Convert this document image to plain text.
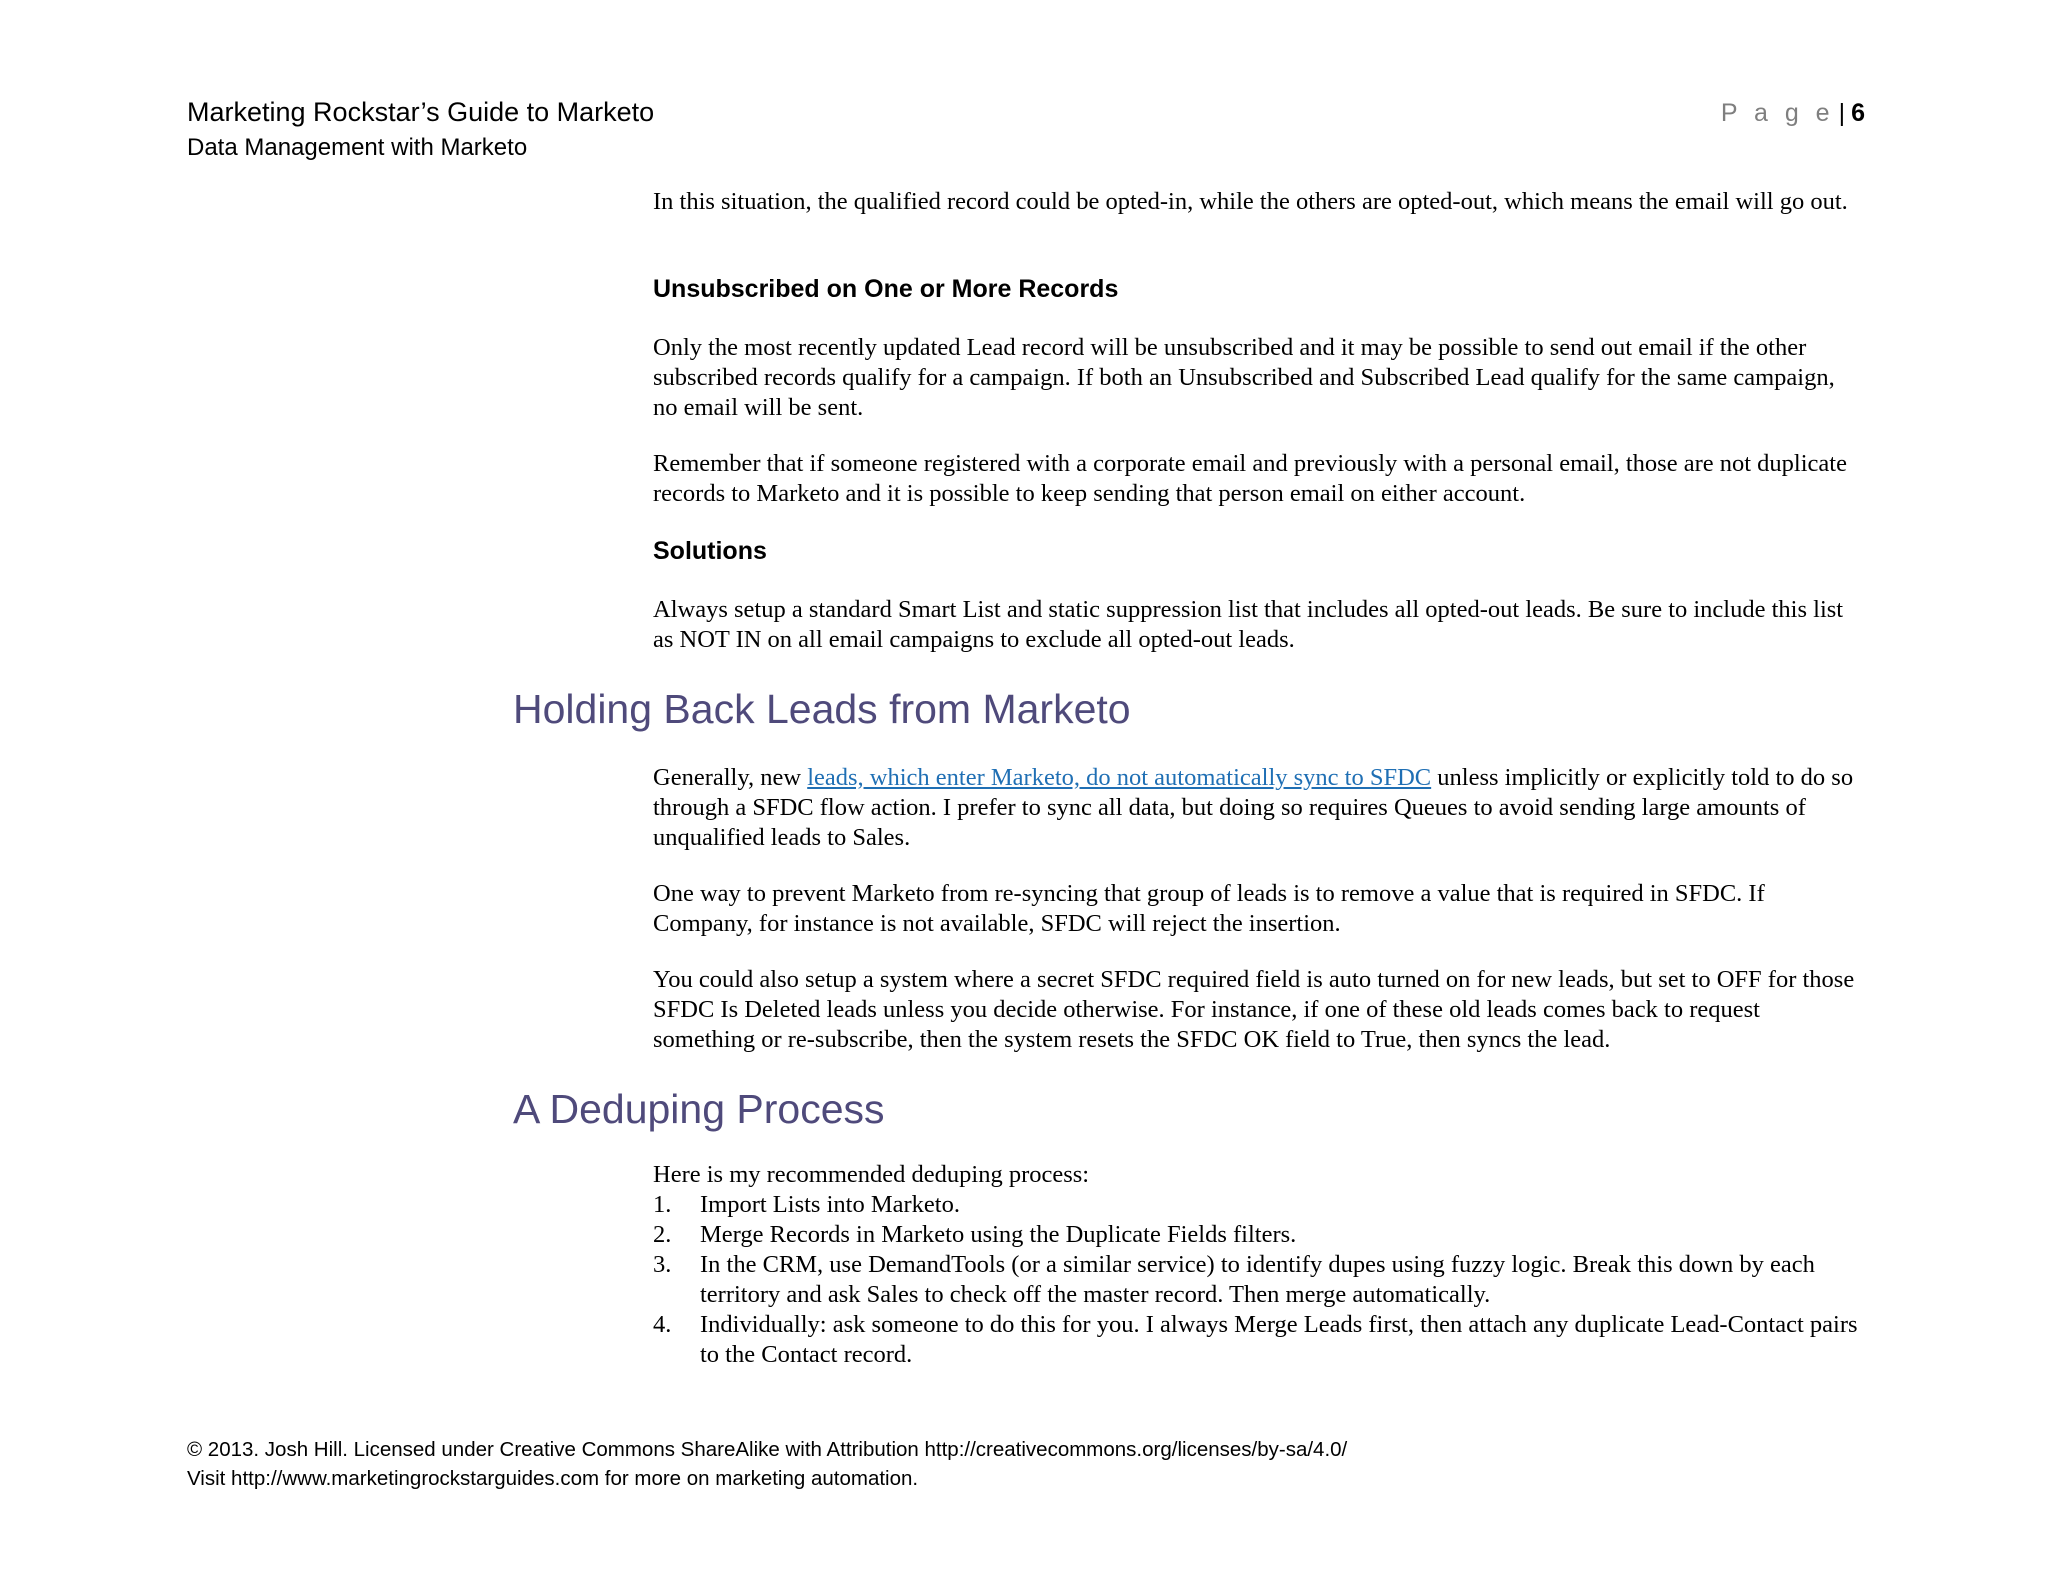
Marketing Rockstar’s Guide to Marketo
Data Management with Marketo
P a g e | 6

In this situation, the qualified record could be opted-in, while the others are opted-out, which means the email will go out.

Unsubscribed on One or More Records

Only the most recently updated Lead record will be unsubscribed and it may be possible to send out email if the other subscribed records qualify for a campaign. If both an Unsubscribed and Subscribed Lead qualify for the same campaign, no email will be sent.

Remember that if someone registered with a corporate email and previously with a personal email, those are not duplicate records to Marketo and it is possible to keep sending that person email on either account.

Solutions

Always setup a standard Smart List and static suppression list that includes all opted-out leads. Be sure to include this list as NOT IN on all email campaigns to exclude all opted-out leads.

Holding Back Leads from Marketo

Generally, new leads, which enter Marketo, do not automatically sync to SFDC unless implicitly or explicitly told to do so through a SFDC flow action. I prefer to sync all data, but doing so requires Queues to avoid sending large amounts of unqualified leads to Sales.

One way to prevent Marketo from re-syncing that group of leads is to remove a value that is required in SFDC. If Company, for instance is not available, SFDC will reject the insertion.

You could also setup a system where a secret SFDC required field is auto turned on for new leads, but set to OFF for those SFDC Is Deleted leads unless you decide otherwise. For instance, if one of these old leads comes back to request something or re-subscribe, then the system resets the SFDC OK field to True, then syncs the lead.

A Deduping Process

Here is my recommended deduping process:

1.	Import Lists into Marketo.
2.	Merge Records in Marketo using the Duplicate Fields filters.
3.	In the CRM, use DemandTools (or a similar service) to identify dupes using fuzzy logic. Break this down by each territory and ask Sales to check off the master record. Then merge automatically.
4.	Individually: ask someone to do this for you. I always Merge Leads first, then attach any duplicate Lead-Contact pairs to the Contact record.

© 2013. Josh Hill. Licensed under Creative Commons ShareAlike with Attribution http://creativecommons.org/licenses/by-sa/4.0/

Visit http://www.marketingrockstarguides.com for more on marketing automation.
